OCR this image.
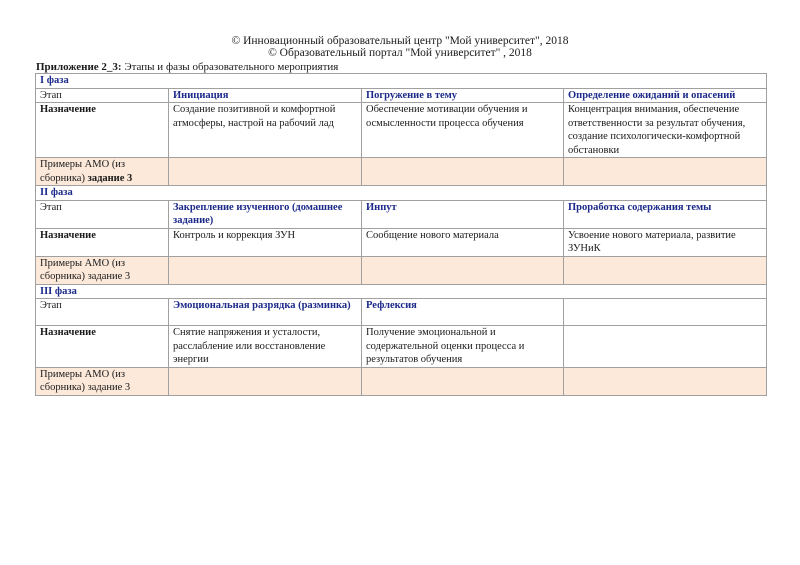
© Инновационный образовательный центр "Мой университет", 2018
© Образовательный портал "Мой университет" , 2018
Приложение 2_3: Этапы и фазы образовательного мероприятия
I фаза			
Этап	Инициация	Погружение в тему	Определение ожиданий и опасений
Назначение	Создание позитивной и комфортной атмосферы, настрой на рабочий лад	Обеспечение мотивации обучения и осмысленности процесса обучения	Концентрация внимания, обеспечение ответственности за результат обучения, создание психологически-комфортной обстановки
Примеры АМО (из сборника) задание 3			
II фаза			
Этап	Закрепление изученного (домашнее задание)	Инпут	Проработка содержания темы
Назначение	Контроль и коррекция ЗУН	Сообщение нового материала	Усвоение нового материала, развитие ЗУНиК
Примеры АМО (из сборника) задание 3			
III фаза			
Этап	Эмоциональная разрядка (разминка)	Рефлексия	
Назначение	Снятие напряжения и усталости, расслабление или восстановление энергии	Получение эмоциональной и содержательной оценки процесса и результатов обучения	
Примеры АМО (из сборника) задание 3			
